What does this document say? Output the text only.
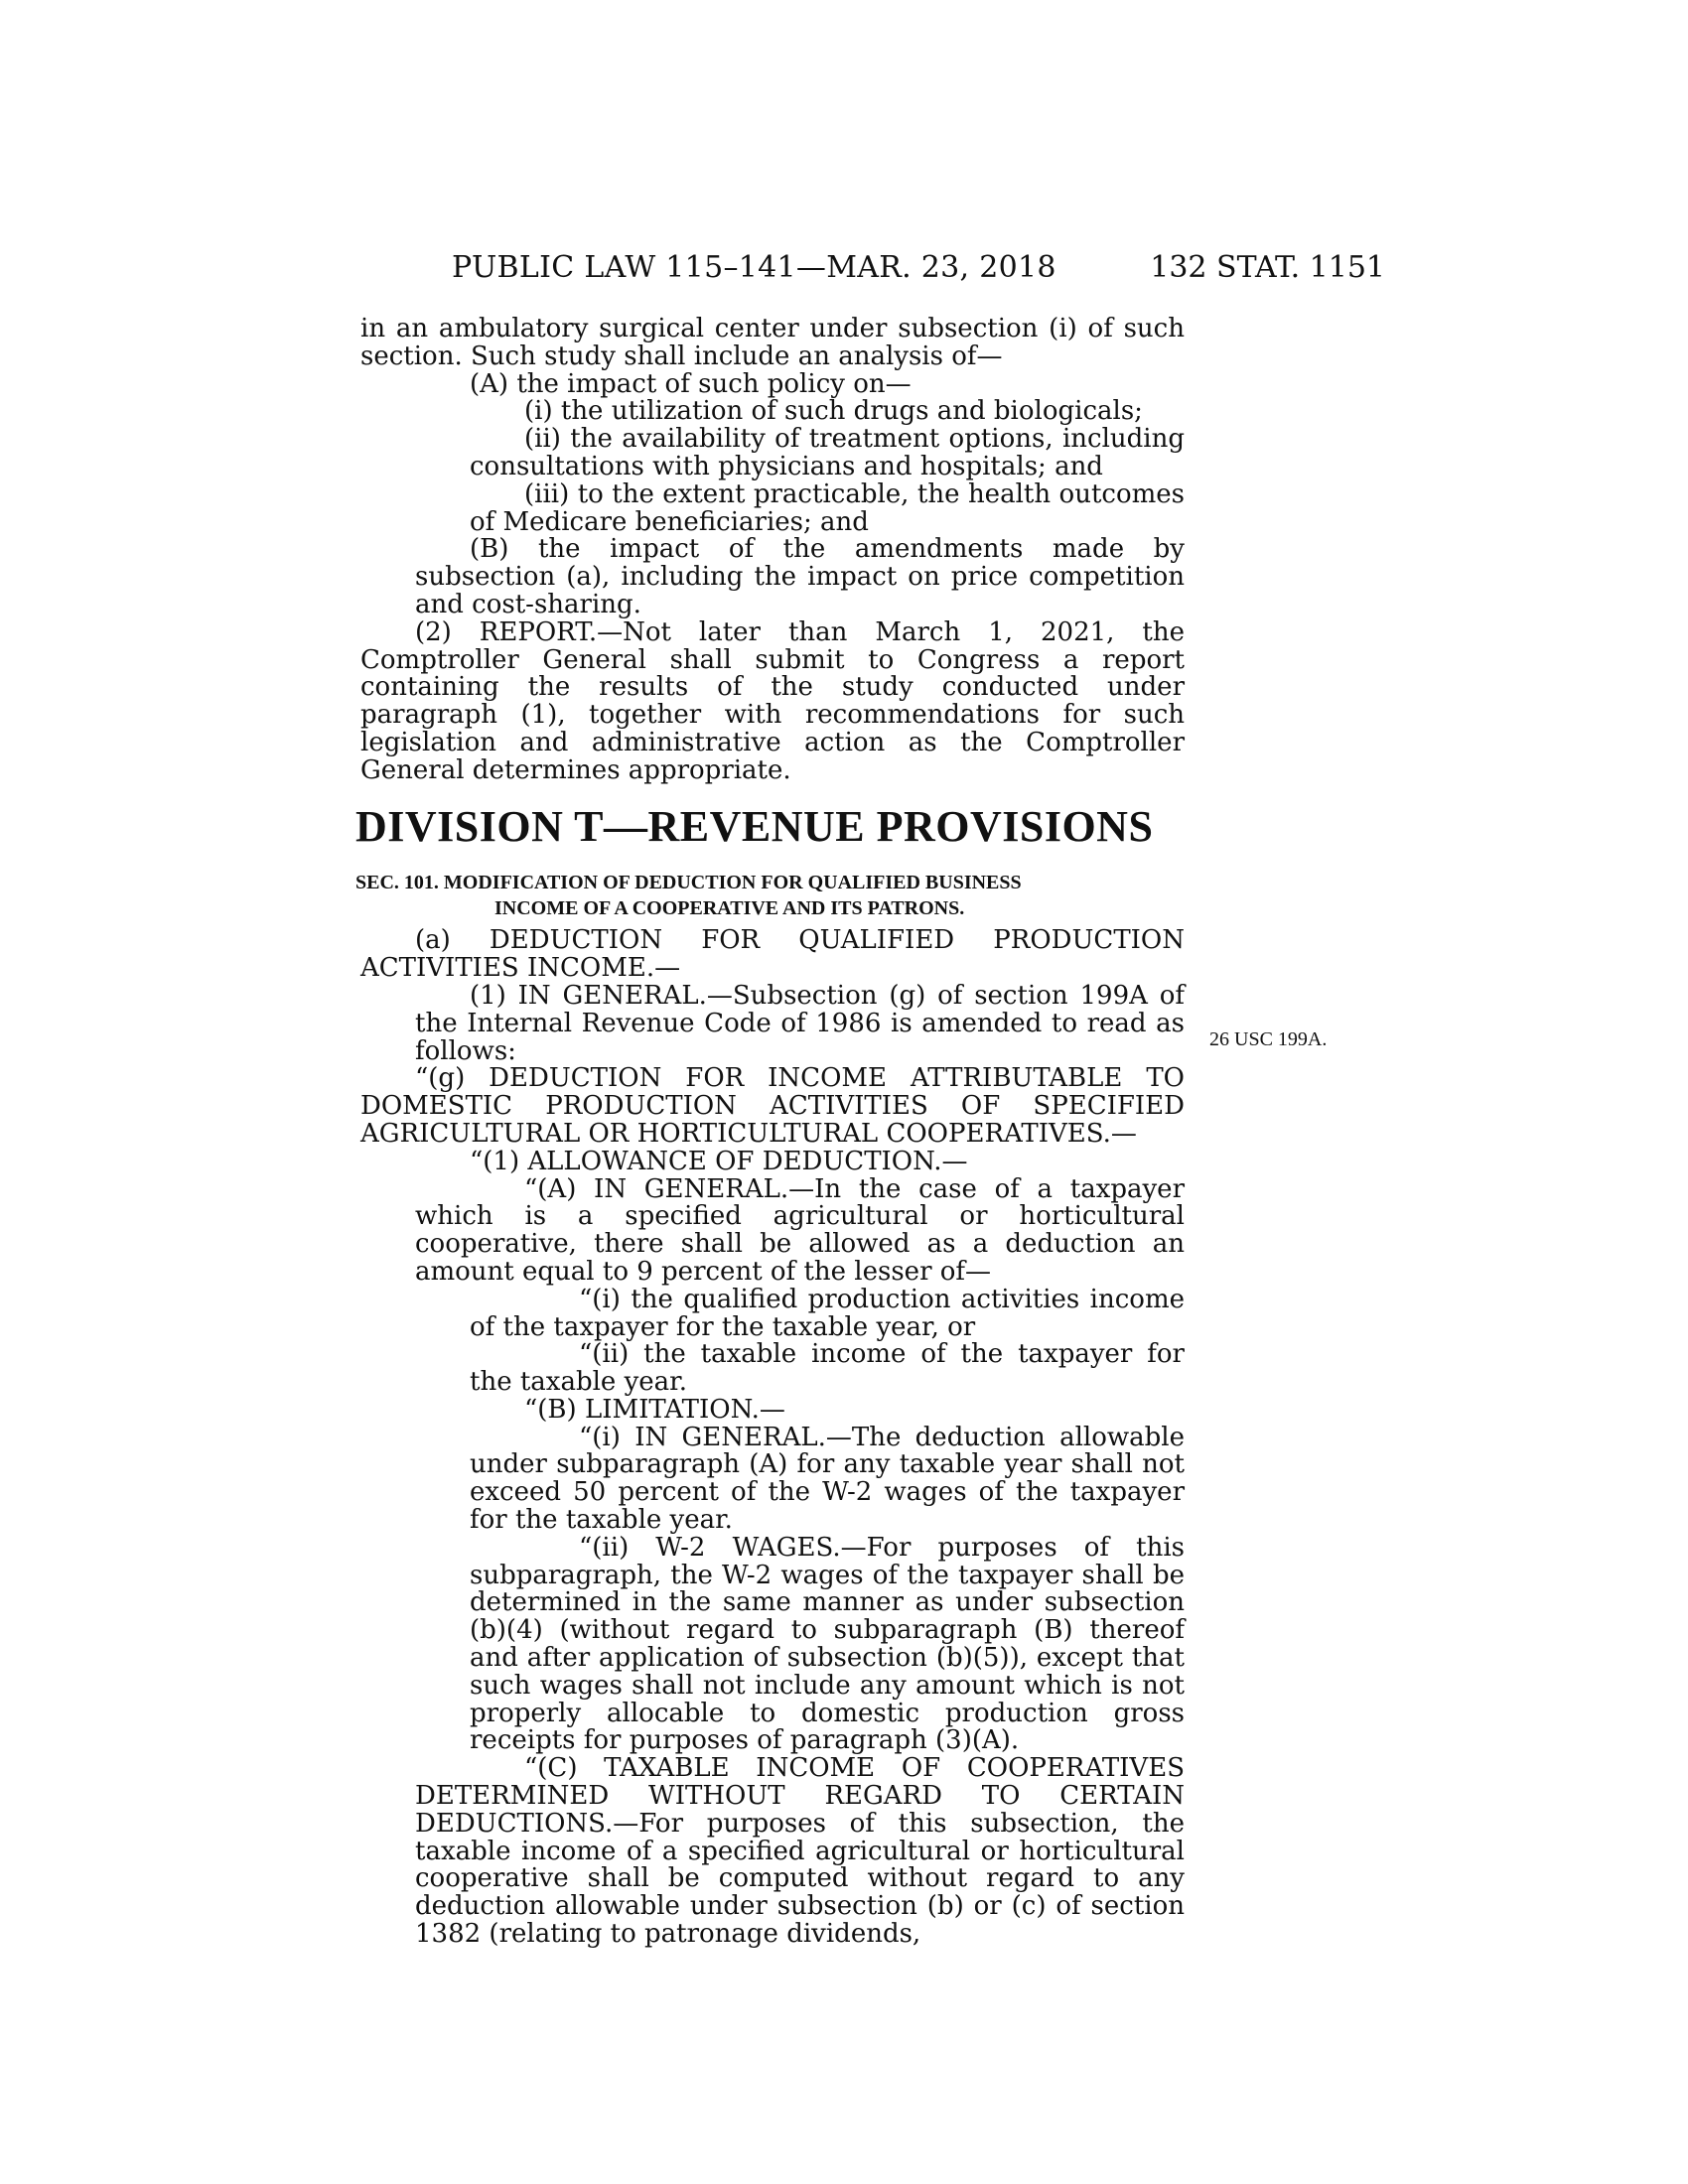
PUBLIC LAW 115–141—MAR. 23, 2018	132 STAT. 1151

in an ambulatory surgical center under subsection (i) of such section. Such study shall include an analysis of—

(A) the impact of such policy on—

(i) the utilization of such drugs and biologicals;

(ii) the availability of treatment options, including consultations with physicians and hospitals; and

(iii) to the extent practicable, the health outcomes of Medicare beneficiaries; and

(B) the impact of the amendments made by subsection (a), including the impact on price competition and cost-sharing.

(2) REPORT.—Not later than March 1, 2021, the Comptroller General shall submit to Congress a report containing the results of the study conducted under paragraph (1), together with recommendations for such legislation and administrative action as the Comptroller General determines appropriate.

DIVISION T—REVENUE PROVISIONS
SEC. 101. MODIFICATION OF DEDUCTION FOR QUALIFIED BUSINESS
INCOME OF A COOPERATIVE AND ITS PATRONS.

(a) DEDUCTION FOR QUALIFIED PRODUCTION ACTIVITIES INCOME.—

(1) IN GENERAL.—Subsection (g) of section 199A of the Internal Revenue Code of 1986 is amended to read as follows:

“(g) DEDUCTION FOR INCOME ATTRIBUTABLE TO DOMESTIC PRODUCTION ACTIVITIES OF SPECIFIED AGRICULTURAL OR HORTICULTURAL COOPERATIVES.—

“(1) ALLOWANCE OF DEDUCTION.—

“(A) IN GENERAL.—In the case of a taxpayer which is a specified agricultural or horticultural cooperative, there shall be allowed as a deduction an amount equal to 9 percent of the lesser of—

“(i) the qualified production activities income of the taxpayer for the taxable year, or

“(ii) the taxable income of the taxpayer for the taxable year.

“(B) LIMITATION.—

“(i) IN GENERAL.—The deduction allowable under subparagraph (A) for any taxable year shall not exceed 50 percent of the W-2 wages of the taxpayer for the taxable year.

“(ii) W-2 WAGES.—For purposes of this subparagraph, the W-2 wages of the taxpayer shall be determined in the same manner as under subsection (b)(4) (without regard to subparagraph (B) thereof and after application of subsection (b)(5)), except that such wages shall not include any amount which is not properly allocable to domestic production gross receipts for purposes of paragraph (3)(A).

“(C) TAXABLE INCOME OF COOPERATIVES DETERMINED WITHOUT REGARD TO CERTAIN DEDUCTIONS.—For purposes of this subsection, the taxable income of a specified agricultural or horticultural cooperative shall be computed without regard to any deduction allowable under subsection (b) or (c) of section 1382 (relating to patronage dividends,

26 USC 199A.
